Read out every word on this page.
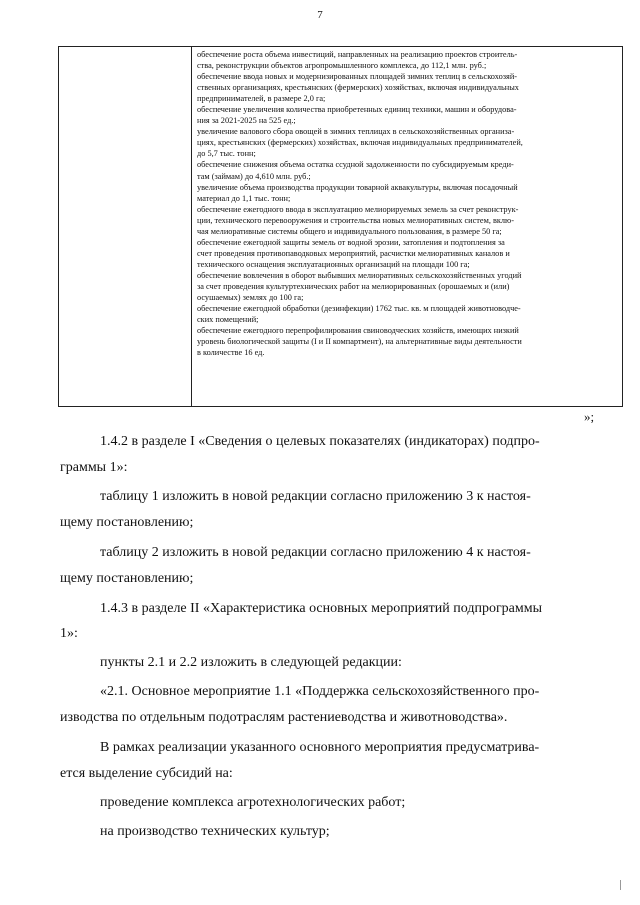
7

обеспечение роста объема инвестиций, направленных на реализацию проектов строитель-

ства, реконструкции объектов агропромышленного комплекса, до 112,1 млн. руб.;

обеспечение ввода новых и модернизированных площадей зимних теплиц в сельскохозяй-

ственных организациях, крестьянских (фермерских) хозяйствах, включая индивидуальных

предпринимателей, в размере 2,0 га;

обеспечение увеличения количества приобретенных единиц техники, машин и оборудова-

ния за 2021-2025 на 525 ед.;

увеличение валового сбора овощей в зимних теплицах в сельскохозяйственных организа-

циях, крестьянских (фермерских) хозяйствах, включая индивидуальных предпринимателей,

до 5,7 тыс. тонн;

обеспечение снижения объема остатка ссудной задолженности по субсидируемым креди-

там (займам) до 4,610 млн. руб.;

увеличение объема производства продукции товарной аквакультуры, включая посадочный

материал до 1,1 тыс. тонн;

обеспечение ежегодного ввода в эксплуатацию мелиорируемых земель за счет реконструк-

ции, технического перевооружения и строительства новых мелиоративных систем, вклю-

чая мелиоративные системы общего и индивидуального пользования, в размере 50 га;

обеспечение ежегодной защиты земель от водной эрозии, затопления и подтопления за

счет проведения противопаводковых мероприятий, расчистки мелиоративных каналов и

технического оснащения эксплуатационных организаций на площади 100 га;

обеспечение вовлечения в оборот выбывших мелиоративных сельскохозяйственных угодий

за счет проведения культуртехнических работ на мелиорированных (орошаемых и (или)

осушаемых) землях до 100 га;

обеспечение ежегодной обработки (дезинфекции) 1762 тыс. кв. м площадей животноводче-

ских помещений;

обеспечение ежегодного перепрофилирования свиноводческих хозяйств, имеющих низкий

уровень биологической защиты (I и II компартмент), на альтернативные виды деятельности

в количестве 16 ед.

»;
1.4.2 в разделе I «Сведения о целевых показателях (индикаторах) подпро-
граммы 1»:
таблицу 1 изложить в новой редакции согласно приложению 3 к настоя-
щему постановлению;
таблицу 2 изложить в новой редакции согласно приложению 4 к настоя-
щему постановлению;
1.4.3 в разделе II «Характеристика основных мероприятий подпрограммы
1»:
пункты 2.1 и 2.2 изложить в следующей редакции:
«2.1. Основное мероприятие 1.1 «Поддержка сельскохозяйственного про-
изводства по отдельным подотраслям растениеводства и животноводства».
В рамках реализации указанного основного мероприятия предусматрива-
ется выделение субсидий на:
проведение комплекса агротехнологических работ;
на производство технических культур;
